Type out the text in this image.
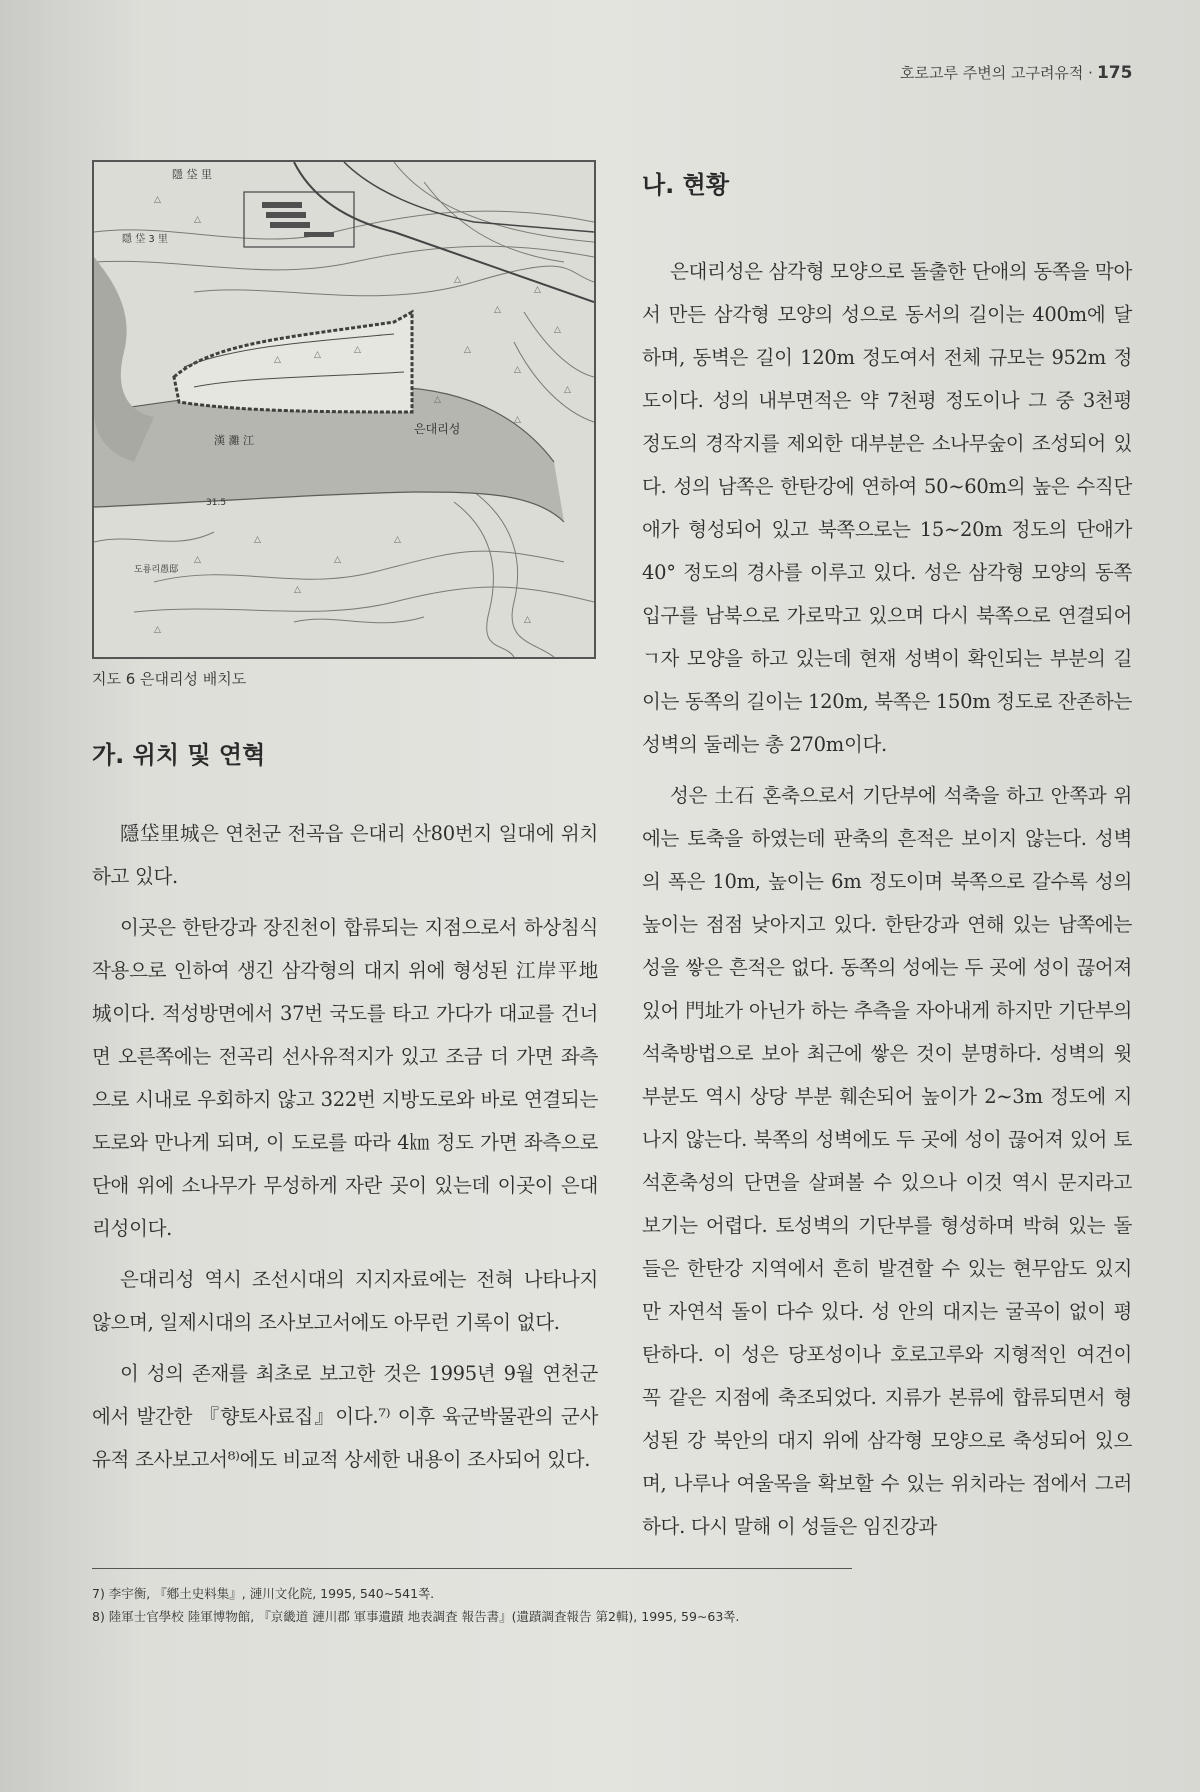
호로고루 주변의 고구려유적 · 175
△
△
△
△
△
△
△
△
△
△	△	△
△
△
△
△
△
△
△
△
△
隱 垈 里
隱 垈 3 里
31.5
漢 灘 江
은대리성
도룡리愚邸
지도 6 은대리성 배치도
가. 위치 및 연혁

隱垈里城은 연천군 전곡읍 은대리 산80번지 일대에 위치하고 있다.

이곳은 한탄강과 장진천이 합류되는 지점으로서 하상침식작용으로 인하여 생긴 삼각형의 대지 위에 형성된 江岸平地城이다. 적성방면에서 37번 국도를 타고 가다가 대교를 건너면 오른쪽에는 전곡리 선사유적지가 있고 조금 더 가면 좌측으로 시내로 우회하지 않고 322번 지방도로와 바로 연결되는 도로와 만나게 되며, 이 도로를 따라 4㎞ 정도 가면 좌측으로 단애 위에 소나무가 무성하게 자란 곳이 있는데 이곳이 은대리성이다.

은대리성 역시 조선시대의 지지자료에는 전혀 나타나지 않으며, 일제시대의 조사보고서에도 아무런 기록이 없다.

이 성의 존재를 최초로 보고한 것은 1995년 9월 연천군에서 발간한 『향토사료집』이다.⁷⁾ 이후 육군박물관의 군사유적 조사보고서⁸⁾에도 비교적 상세한 내용이 조사되어 있다.

나. 현황

은대리성은 삼각형 모양으로 돌출한 단애의 동쪽을 막아서 만든 삼각형 모양의 성으로 동서의 길이는 400m에 달하며, 동벽은 길이 120m 정도여서 전체 규모는 952m 정도이다. 성의 내부면적은 약 7천평 정도이나 그 중 3천평 정도의 경작지를 제외한 대부분은 소나무숲이 조성되어 있다. 성의 남쪽은 한탄강에 연하여 50∼60m의 높은 수직단애가 형성되어 있고 북쪽으로는 15∼20m 정도의 단애가 40° 정도의 경사를 이루고 있다. 성은 삼각형 모양의 동쪽 입구를 남북으로 가로막고 있으며 다시 북쪽으로 연결되어 ㄱ자 모양을 하고 있는데 현재 성벽이 확인되는 부분의 길이는 동쪽의 길이는 120m, 북쪽은 150m 정도로 잔존하는 성벽의 둘레는 총 270m이다.

성은 土石 혼축으로서 기단부에 석축을 하고 안쪽과 위에는 토축을 하였는데 판축의 흔적은 보이지 않는다. 성벽의 폭은 10m, 높이는 6m 정도이며 북쪽으로 갈수록 성의 높이는 점점 낮아지고 있다. 한탄강과 연해 있는 남쪽에는 성을 쌓은 흔적은 없다. 동쪽의 성에는 두 곳에 성이 끊어져 있어 門址가 아닌가 하는 추측을 자아내게 하지만 기단부의 석축방법으로 보아 최근에 쌓은 것이 분명하다. 성벽의 윗부분도 역시 상당 부분 훼손되어 높이가 2∼3m 정도에 지나지 않는다. 북쪽의 성벽에도 두 곳에 성이 끊어져 있어 토석혼축성의 단면을 살펴볼 수 있으나 이것 역시 문지라고 보기는 어렵다. 토성벽의 기단부를 형성하며 박혀 있는 돌들은 한탄강 지역에서 흔히 발견할 수 있는 현무암도 있지만 자연석 돌이 다수 있다. 성 안의 대지는 굴곡이 없이 평탄하다. 이 성은 당포성이나 호로고루와 지형적인 여건이 꼭 같은 지점에 축조되었다. 지류가 본류에 합류되면서 형성된 강 북안의 대지 위에 삼각형 모양으로 축성되어 있으며, 나루나 여울목을 확보할 수 있는 위치라는 점에서 그러하다. 다시 말해 이 성들은 임진강과

7) 李宇衡, 『鄕土史料集』, 漣川文化院, 1995, 540∼541쪽.
8) 陸軍士官學校 陸軍博物館, 『京畿道 漣川郡 軍事遺蹟 地表調査 報告書』(遺蹟調査報告 第2輯), 1995, 59∼63쪽.
